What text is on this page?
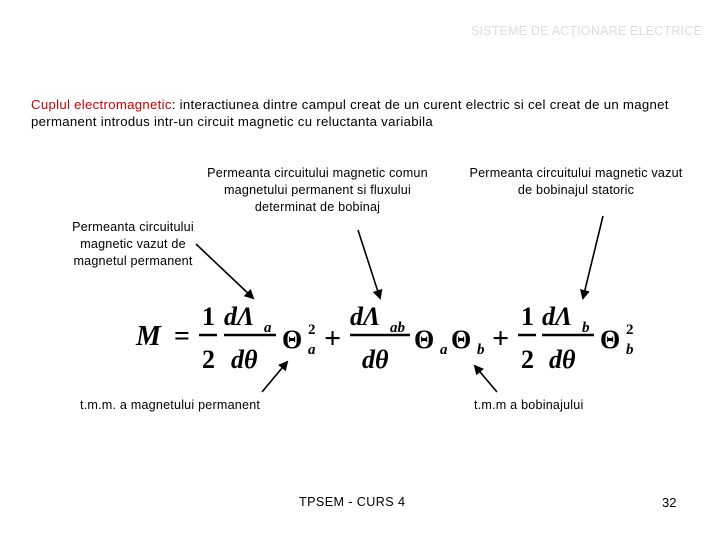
SISTEME DE ACŢIONARE ELECTRICE
Cuplul electromagnetic: interactiunea dintre campul creat de un curent electric si cel creat de un magnet permanent introdus intr-un circuit magnetic cu reluctanta variabila
Permeanta circuitului magnetic vazut de magnetul permanent
Permeanta circuitului magnetic comun magnetului permanent si fluxului determinat de bobinaj
Permeanta circuitului magnetic vazut de bobinajul statoric
M =
1
2
dΛ a
dθ
Θ 2
a +
dΛ ab
dθ
Θ a Θ b +
1
2
dΛ b
dθ
Θ 2
b
t.m.m. a magnetului permanent	t.m.m a bobinajului
TPSEM - CURS 4	32
